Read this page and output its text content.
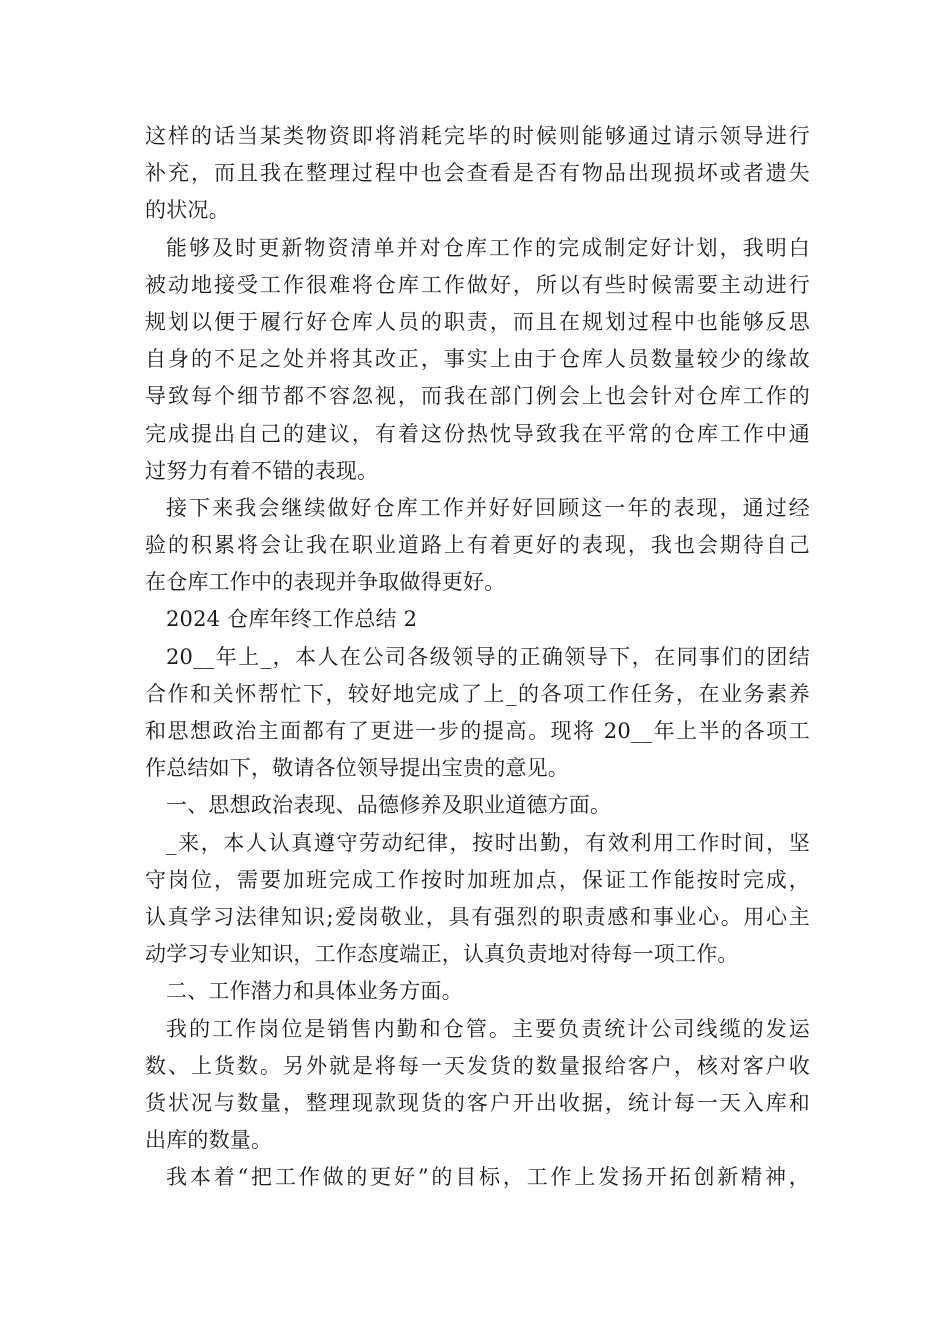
这样的话当某类物资即将消耗完毕的时候则能够通过请示领导进行
补充，而且我在整理过程中也会查看是否有物品出现损坏或者遗失
的状况。
能够及时更新物资清单并对仓库工作的完成制定好计划，我明白
被动地接受工作很难将仓库工作做好，所以有些时候需要主动进行
规划以便于履行好仓库人员的职责，而且在规划过程中也能够反思
自身的不足之处并将其改正，事实上由于仓库人员数量较少的缘故
导致每个细节都不容忽视，而我在部门例会上也会针对仓库工作的
完成提出自己的建议，有着这份热忱导致我在平常的仓库工作中通
过努力有着不错的表现。
接下来我会继续做好仓库工作并好好回顾这一年的表现，通过经
验的积累将会让我在职业道路上有着更好的表现，我也会期待自己
在仓库工作中的表现并争取做得更好。
2024 仓库年终工作总结 2
20__年上_，本人在公司各级领导的正确领导下，在同事们的团结
合作和关怀帮忙下，较好地完成了上_的各项工作任务，在业务素养
和思想政治主面都有了更进一步的提高。现将 20__年上半的各项工
作总结如下，敬请各位领导提出宝贵的意见。
一、思想政治表现、品德修养及职业道德方面。
_来，本人认真遵守劳动纪律，按时出勤，有效利用工作时间，坚
守岗位，需要加班完成工作按时加班加点，保证工作能按时完成，
认真学习法律知识;爱岗敬业，具有强烈的职责感和事业心。用心主
动学习专业知识，工作态度端正，认真负责地对待每一项工作。
二、工作潜力和具体业务方面。
我的工作岗位是销售内勤和仓管。主要负责统计公司线缆的发运
数、上货数。另外就是将每一天发货的数量报给客户，核对客户收
货状况与数量，整理现款现货的客户开出收据，统计每一天入库和
出库的数量。
我本着“把工作做的更好”的目标，工作上发扬开拓创新精神，
